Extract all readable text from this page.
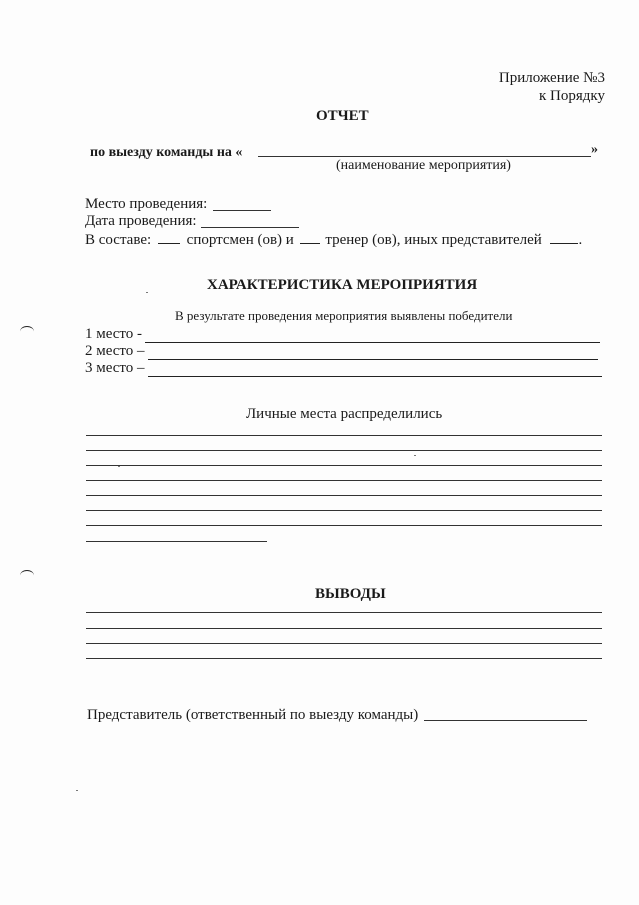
Приложение №3
к Порядку
ОТЧЕТ
по выезду команды на «	»
(наименование мероприятия)
Место проведения:
Дата проведения:
В составе: спортсмен (ов) и тренер (ов), иных представителей .
ХАРАКТЕРИСТИКА МЕРОПРИЯТИЯ
В результате проведения мероприятия выявлены победители
1 место -
2 место –
3 место –
Личные места распределились
ВЫВОДЫ
Представитель (ответственный по выезду команды)
